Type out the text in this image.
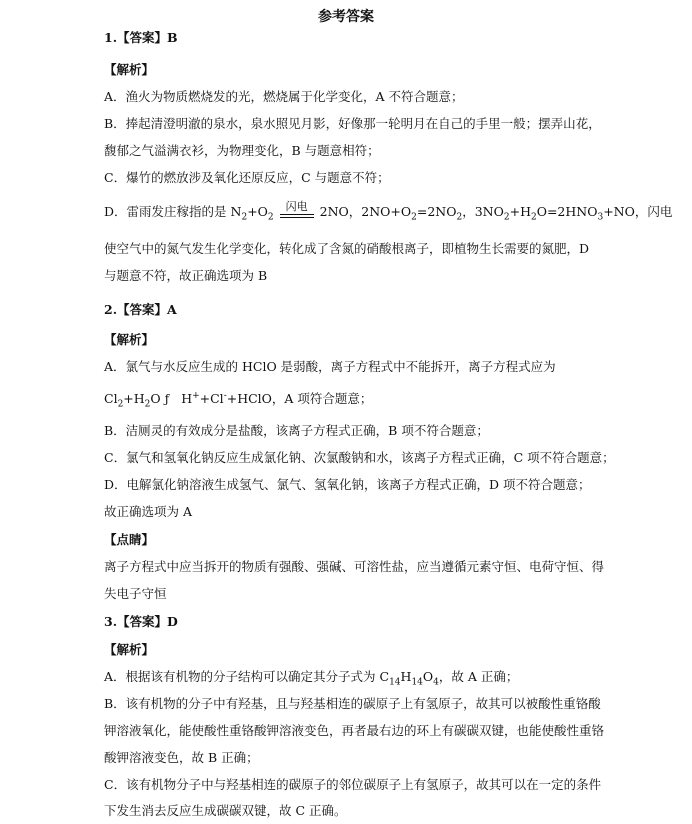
参考答案
1.【答案】B
【解析】
A．渔火为物质燃烧发的光，燃烧属于化学变化，A 不符合题意；
B．捧起清澄明澈的泉水，泉水照见月影，好像那一轮明月在自己的手里一般；摆弄山花，
馥郁之气溢满衣衫，为物理变化，B 与题意相符；
C．爆竹的燃放涉及氧化还原反应，C 与题意不符；
D．雷雨发庄稼指的是 $N_2+O_2$
闪电 2NO，$2NO+O_2=2NO_2$，$3NO_2+H_2O=2HNO_3+NO$，闪电
使空气中的氮气发生化学变化，转化成了含氮的硝酸根离子，即植物生长需要的氮肥，D
与题意不符，故正确选项为 B
2.【答案】A
【解析】
A．氯气与水反应生成的 HClO 是弱酸，离子方程式中不能拆开，离子方程式应为
$Cl_2+H_2O$ ƒ H++Cl-+HClO，A 项符合题意；
B．洁厕灵的有效成分是盐酸，该离子方程式正确，B 项不符合题意；
C．氯气和氢氧化钠反应生成氯化钠、次氯酸钠和水，该离子方程式正确，C 项不符合题意；
D．电解氯化钠溶液生成氢气、氯气、氢氧化钠，该离子方程式正确，D 项不符合题意；
故正确选项为 A
【点睛】
离子方程式中应当拆开的物质有强酸、强碱、可溶性盐，应当遵循元素守恒、电荷守恒、得
失电子守恒
3.【答案】D
【解析】
A．根据该有机物的分子结构可以确定其分子式为 $C_{14}H_{14}O_4$，故 A 正确；
B．该有机物的分子中有羟基，且与羟基相连的碳原子上有氢原子，故其可以被酸性重铬酸
钾溶液氧化，能使酸性重铬酸钾溶液变色，再者最右边的环上有碳碳双键，也能使酸性重铬
酸钾溶液变色，故 B 正确；
C．该有机物分子中与羟基相连的碳原子的邻位碳原子上有氢原子，故其可以在一定的条件
下发生消去反应生成碳碳双键，故 C 正确。
